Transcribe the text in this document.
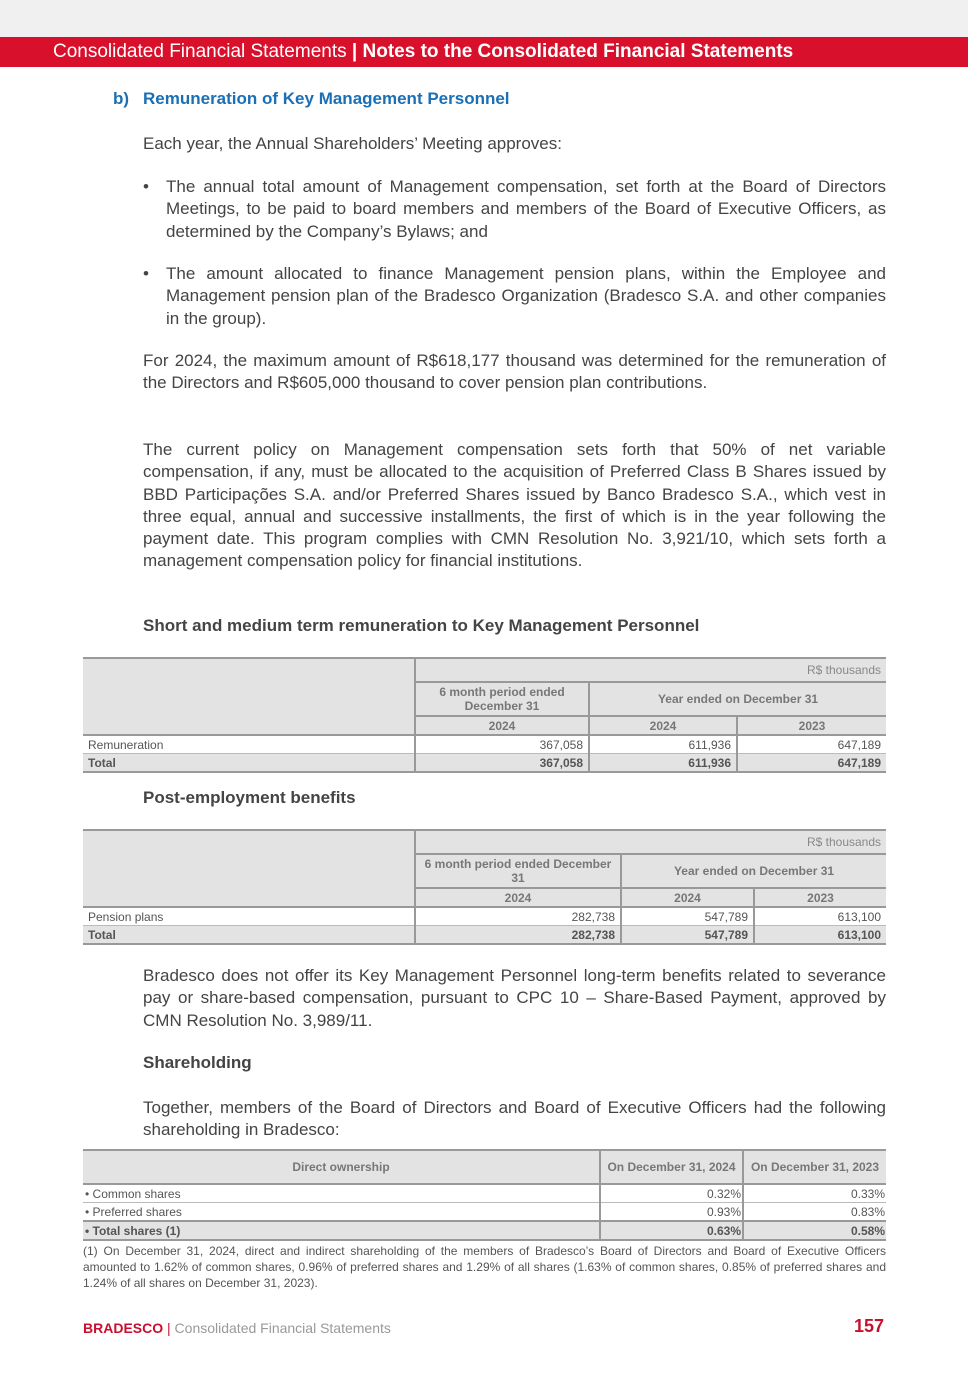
Consolidated Financial Statements | Notes to the Consolidated Financial Statements
b) Remuneration of Key Management Personnel
Each year, the Annual Shareholders’ Meeting approves:
• The annual total amount of Management compensation, set forth at the Board of Directors Meetings, to be paid to board members and members of the Board of Executive Officers, as determined by the Company’s Bylaws; and
• The amount allocated to finance Management pension plans, within the Employee and Management pension plan of the Bradesco Organization (Bradesco S.A. and other companies in the group).
For 2024, the maximum amount of R$618,177 thousand was determined for the remuneration of the Directors and R$605,000 thousand to cover pension plan contributions.
The current policy on Management compensation sets forth that 50% of net variable compensation, if any, must be allocated to the acquisition of Preferred Class B Shares issued by BBD Participações S.A. and/or Preferred Shares issued by Banco Bradesco S.A., which vest in three equal, annual and successive installments, the first of which is in the year following the payment date. This program complies with CMN Resolution No. 3,921/10, which sets forth a management compensation policy for financial institutions.
Short and medium term remuneration to Key Management Personnel
	R$ thousands		
	6 month period ended December 31	Year ended on December 31	
	2024	2024	2023
Remuneration	367,058	611,936	647,189
Total	367,058	611,936	647,189
Post-employment benefits
	R$ thousands		
	6 month period ended December 31	Year ended on December 31	
	2024	2024	2023
Pension plans	282,738	547,789	613,100
Total	282,738	547,789	613,100
Bradesco does not offer its Key Management Personnel long-term benefits related to severance pay or share-based compensation, pursuant to CPC 10 – Share-Based Payment, approved by CMN Resolution No. 3,989/11.
Shareholding
Together, members of the Board of Directors and Board of Executive Officers had the following shareholding in Bradesco:
Direct ownership	On December 31, 2024	On December 31, 2023
• Common shares	0.32%	0.33%
• Preferred shares	0.93%	0.83%
• Total shares (1)	0.63%	0.58%
(1) On December 31, 2024, direct and indirect shareholding of the members of Bradesco’s Board of Directors and Board of Executive Officers amounted to 1.62% of common shares, 0.96% of preferred shares and 1.29% of all shares (1.63% of common shares, 0.85% of preferred shares and 1.24% of all shares on December 31, 2023).
BRADESCO | Consolidated Financial Statements	157
